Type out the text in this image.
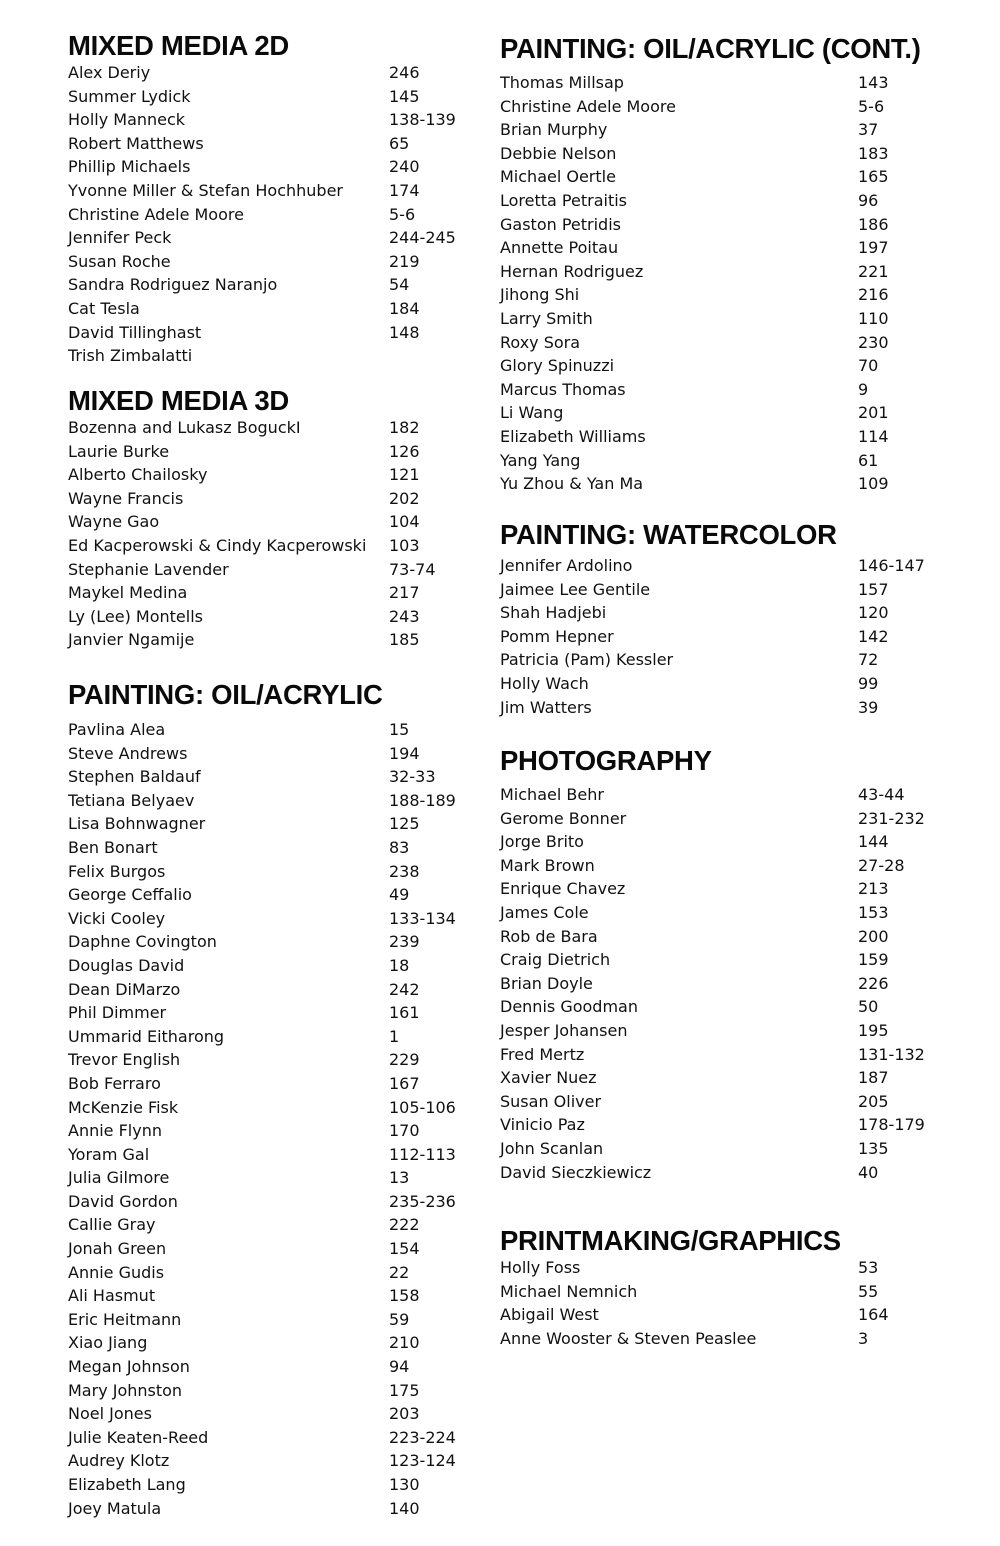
MIXED MEDIA 2D
Alex Deriy	246
Summer Lydick	145
Holly Manneck	138-139
Robert Matthews	65
Phillip Michaels	240
Yvonne Miller & Stefan Hochhuber	174
Christine Adele Moore	5-6
Jennifer Peck	244-245
Susan Roche	219
Sandra Rodriguez Naranjo	54
Cat Tesla	184
David Tillinghast	148
Trish Zimbalatti
MIXED MEDIA 3D
Bozenna and Lukasz BoguckI	182
Laurie Burke	126
Alberto Chailosky	121
Wayne Francis	202
Wayne Gao	104
Ed Kacperowski & Cindy Kacperowski 103
Stephanie Lavender	73-74
Maykel Medina	217
Ly (Lee) Montells	243
Janvier Ngamije	185
PAINTING: OIL/ACRYLIC
Pavlina Alea	15
Steve Andrews	194
Stephen Baldauf	32-33
Tetiana Belyaev	188-189
Lisa Bohnwagner	125
Ben Bonart	83
Felix Burgos	238
George Ceffalio	49
Vicki Cooley	133-134
Daphne Covington	239
Douglas David	18
Dean DiMarzo	242
Phil Dimmer	161
Ummarid Eitharong	1
Trevor English	229
Bob Ferraro	167
McKenzie Fisk	105-106
Annie Flynn	170
Yoram Gal	112-113
Julia Gilmore	13
David Gordon	235-236
Callie Gray	222
Jonah Green	154
Annie Gudis	22
Ali Hasmut	158
Eric Heitmann	59
Xiao Jiang	210
Megan Johnson	94
Mary Johnston	175
Noel Jones	203
Julie Keaten-Reed	223-224
Audrey Klotz	123-124
Elizabeth Lang	130
Joey Matula	140
PAINTING: OIL/ACRYLIC (CONT.)
Thomas Millsap	143
Christine Adele Moore	5-6
Brian Murphy	37
Debbie Nelson	183
Michael Oertle	165
Loretta Petraitis	96
Gaston Petridis	186
Annette Poitau	197
Hernan Rodriguez	221
Jihong Shi	216
Larry Smith	110
Roxy Sora	230
Glory Spinuzzi	70
Marcus Thomas	9
Li Wang	201
Elizabeth Williams	114
Yang Yang	61
Yu Zhou & Yan Ma	109
PAINTING: WATERCOLOR
Jennifer Ardolino	146-147
Jaimee Lee Gentile	157
Shah Hadjebi	120
Pomm Hepner	142
Patricia (Pam) Kessler	72
Holly Wach	99
Jim Watters	39
PHOTOGRAPHY
Michael Behr	43-44
Gerome Bonner	231-232
Jorge Brito	144
Mark Brown	27-28
Enrique Chavez	213
James Cole	153
Rob de Bara	200
Craig Dietrich	159
Brian Doyle	226
Dennis Goodman	50
Jesper Johansen	195
Fred Mertz	131-132
Xavier Nuez	187
Susan Oliver	205
Vinicio Paz	178-179
John Scanlan	135
David Sieczkiewicz	40
PRINTMAKING/GRAPHICS
Holly Foss	53
Michael Nemnich	55
Abigail West	164
Anne Wooster & Steven Peaslee	3
